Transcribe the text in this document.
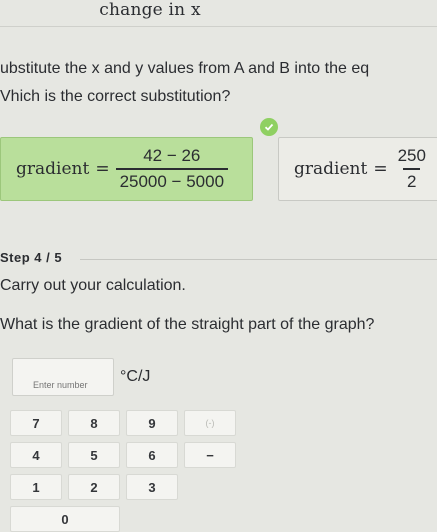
change in x
ubstitute the x and y values from A and B into the eq
Vhich is the correct substitution?
gradient = $\frac{42 - 26}{25000 - 5000}$	gradient = $\frac{250}{2}$
Step 4 / 5
Carry out your calculation.
What is the gradient of the straight part of the graph?
Enter number
°C/J
7	8	9	(-)
4	5	6	−
1	2	3
0
